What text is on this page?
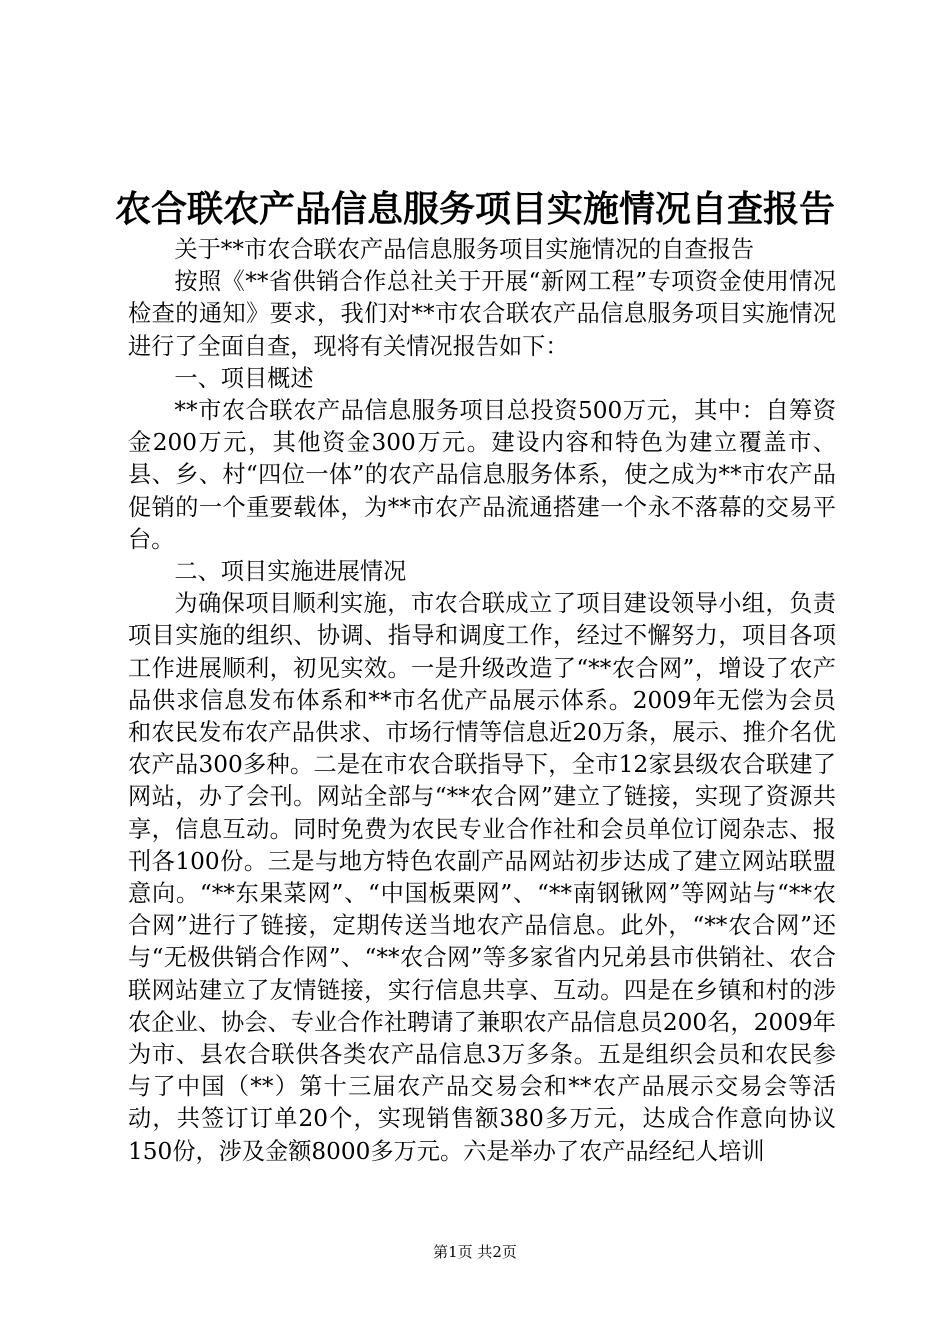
农合联农产品信息服务项目实施情况自查报告

关于**市农合联农产品信息服务项目实施情况的自查报告

按照《**省供销合作总社关于开展“新网工程”专项资金使用情况检查的通知》要求，我们对**市农合联农产品信息服务项目实施情况进行了全面自查，现将有关情况报告如下：

一、项目概述

**市农合联农产品信息服务项目总投资500万元，其中：自筹资金200万元，其他资金300万元。建设内容和特色为建立覆盖市、县、乡、村“四位一体”的农产品信息服务体系，使之成为**市农产品促销的一个重要载体，为**市农产品流通搭建一个永不落幕的交易平台。

二、项目实施进展情况

为确保项目顺利实施，市农合联成立了项目建设领导小组，负责项目实施的组织、协调、指导和调度工作，经过不懈努力，项目各项工作进展顺利，初见实效。一是升级改造了“**农合网”，增设了农产品供求信息发布体系和**市名优产品展示体系。2009年无偿为会员和农民发布农产品供求、市场行情等信息近20万条，展示、推介名优农产品300多种。二是在市农合联指导下，全市12家县级农合联建了网站，办了会刊。网站全部与“**农合网”建立了链接，实现了资源共享，信息互动。同时免费为农民专业合作社和会员单位订阅杂志、报刊各100份。三是与地方特色农副产品网站初步达成了建立网站联盟意向。“**东果菜网”、“中国板栗网”、“**南钢锹网”等网站与“**农合网”进行了链接，定期传送当地农产品信息。此外，“**农合网”还与“无极供销合作网”、“**农合网”等多家省内兄弟县市供销社、农合联网站建立了友情链接，实行信息共享、互动。四是在乡镇和村的涉农企业、协会、专业合作社聘请了兼职农产品信息员200名，2009年为市、县农合联供各类农产品信息3万多条。五是组织会员和农民参与了中国（**）第十三届农产品交易会和**农产品展示交易会等活动，共签订订单20个，实现销售额380多万元，达成合作意向协议150份，涉及金额8000多万元。六是举办了农产品经纪人培训

第1页 共2页
